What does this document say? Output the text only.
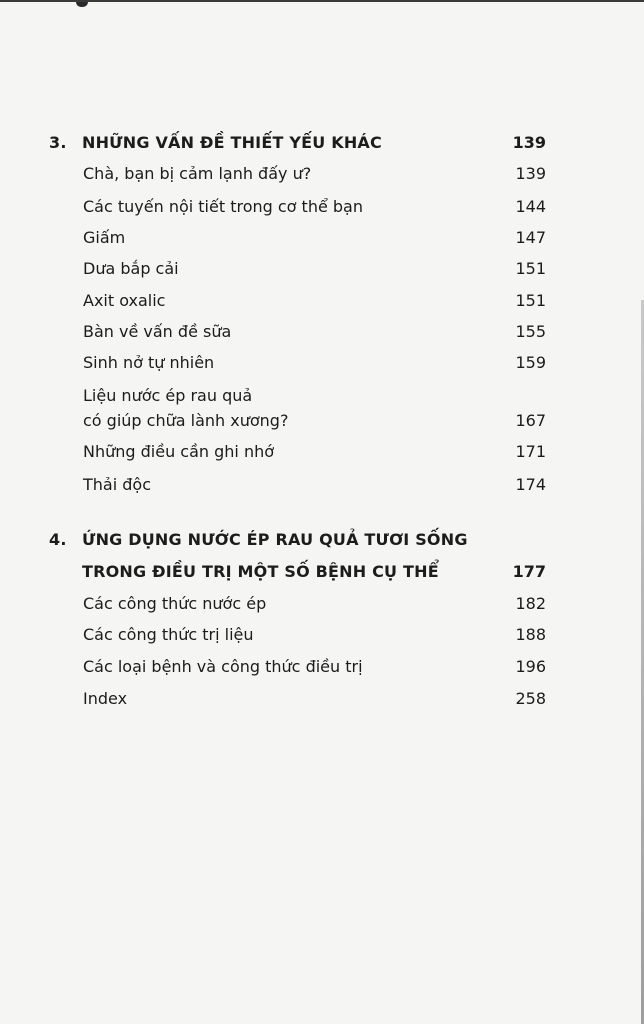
3. NHỮNG VẤN ĐỀ THIẾT YẾU KHÁC	139
Chà, bạn bị cảm lạnh đấy ư?	139
Các tuyến nội tiết trong cơ thể bạn	144
Giấm	147
Dưa bắp cải	151
Axit oxalic	151
Bàn về vấn đề sữa	155
Sinh nở tự nhiên	159
Liệu nước ép rau quả
có giúp chữa lành xương?	167
Những điều cần ghi nhớ	171
Thải độc	174
4. ỨNG DỤNG NƯỚC ÉP RAU QUẢ TƯƠI SỐNG
TRONG ĐIỀU TRỊ MỘT SỐ BỆNH CỤ THỂ	177
Các công thức nước ép	182
Các công thức trị liệu	188
Các loại bệnh và công thức điều trị	196
Index	258
